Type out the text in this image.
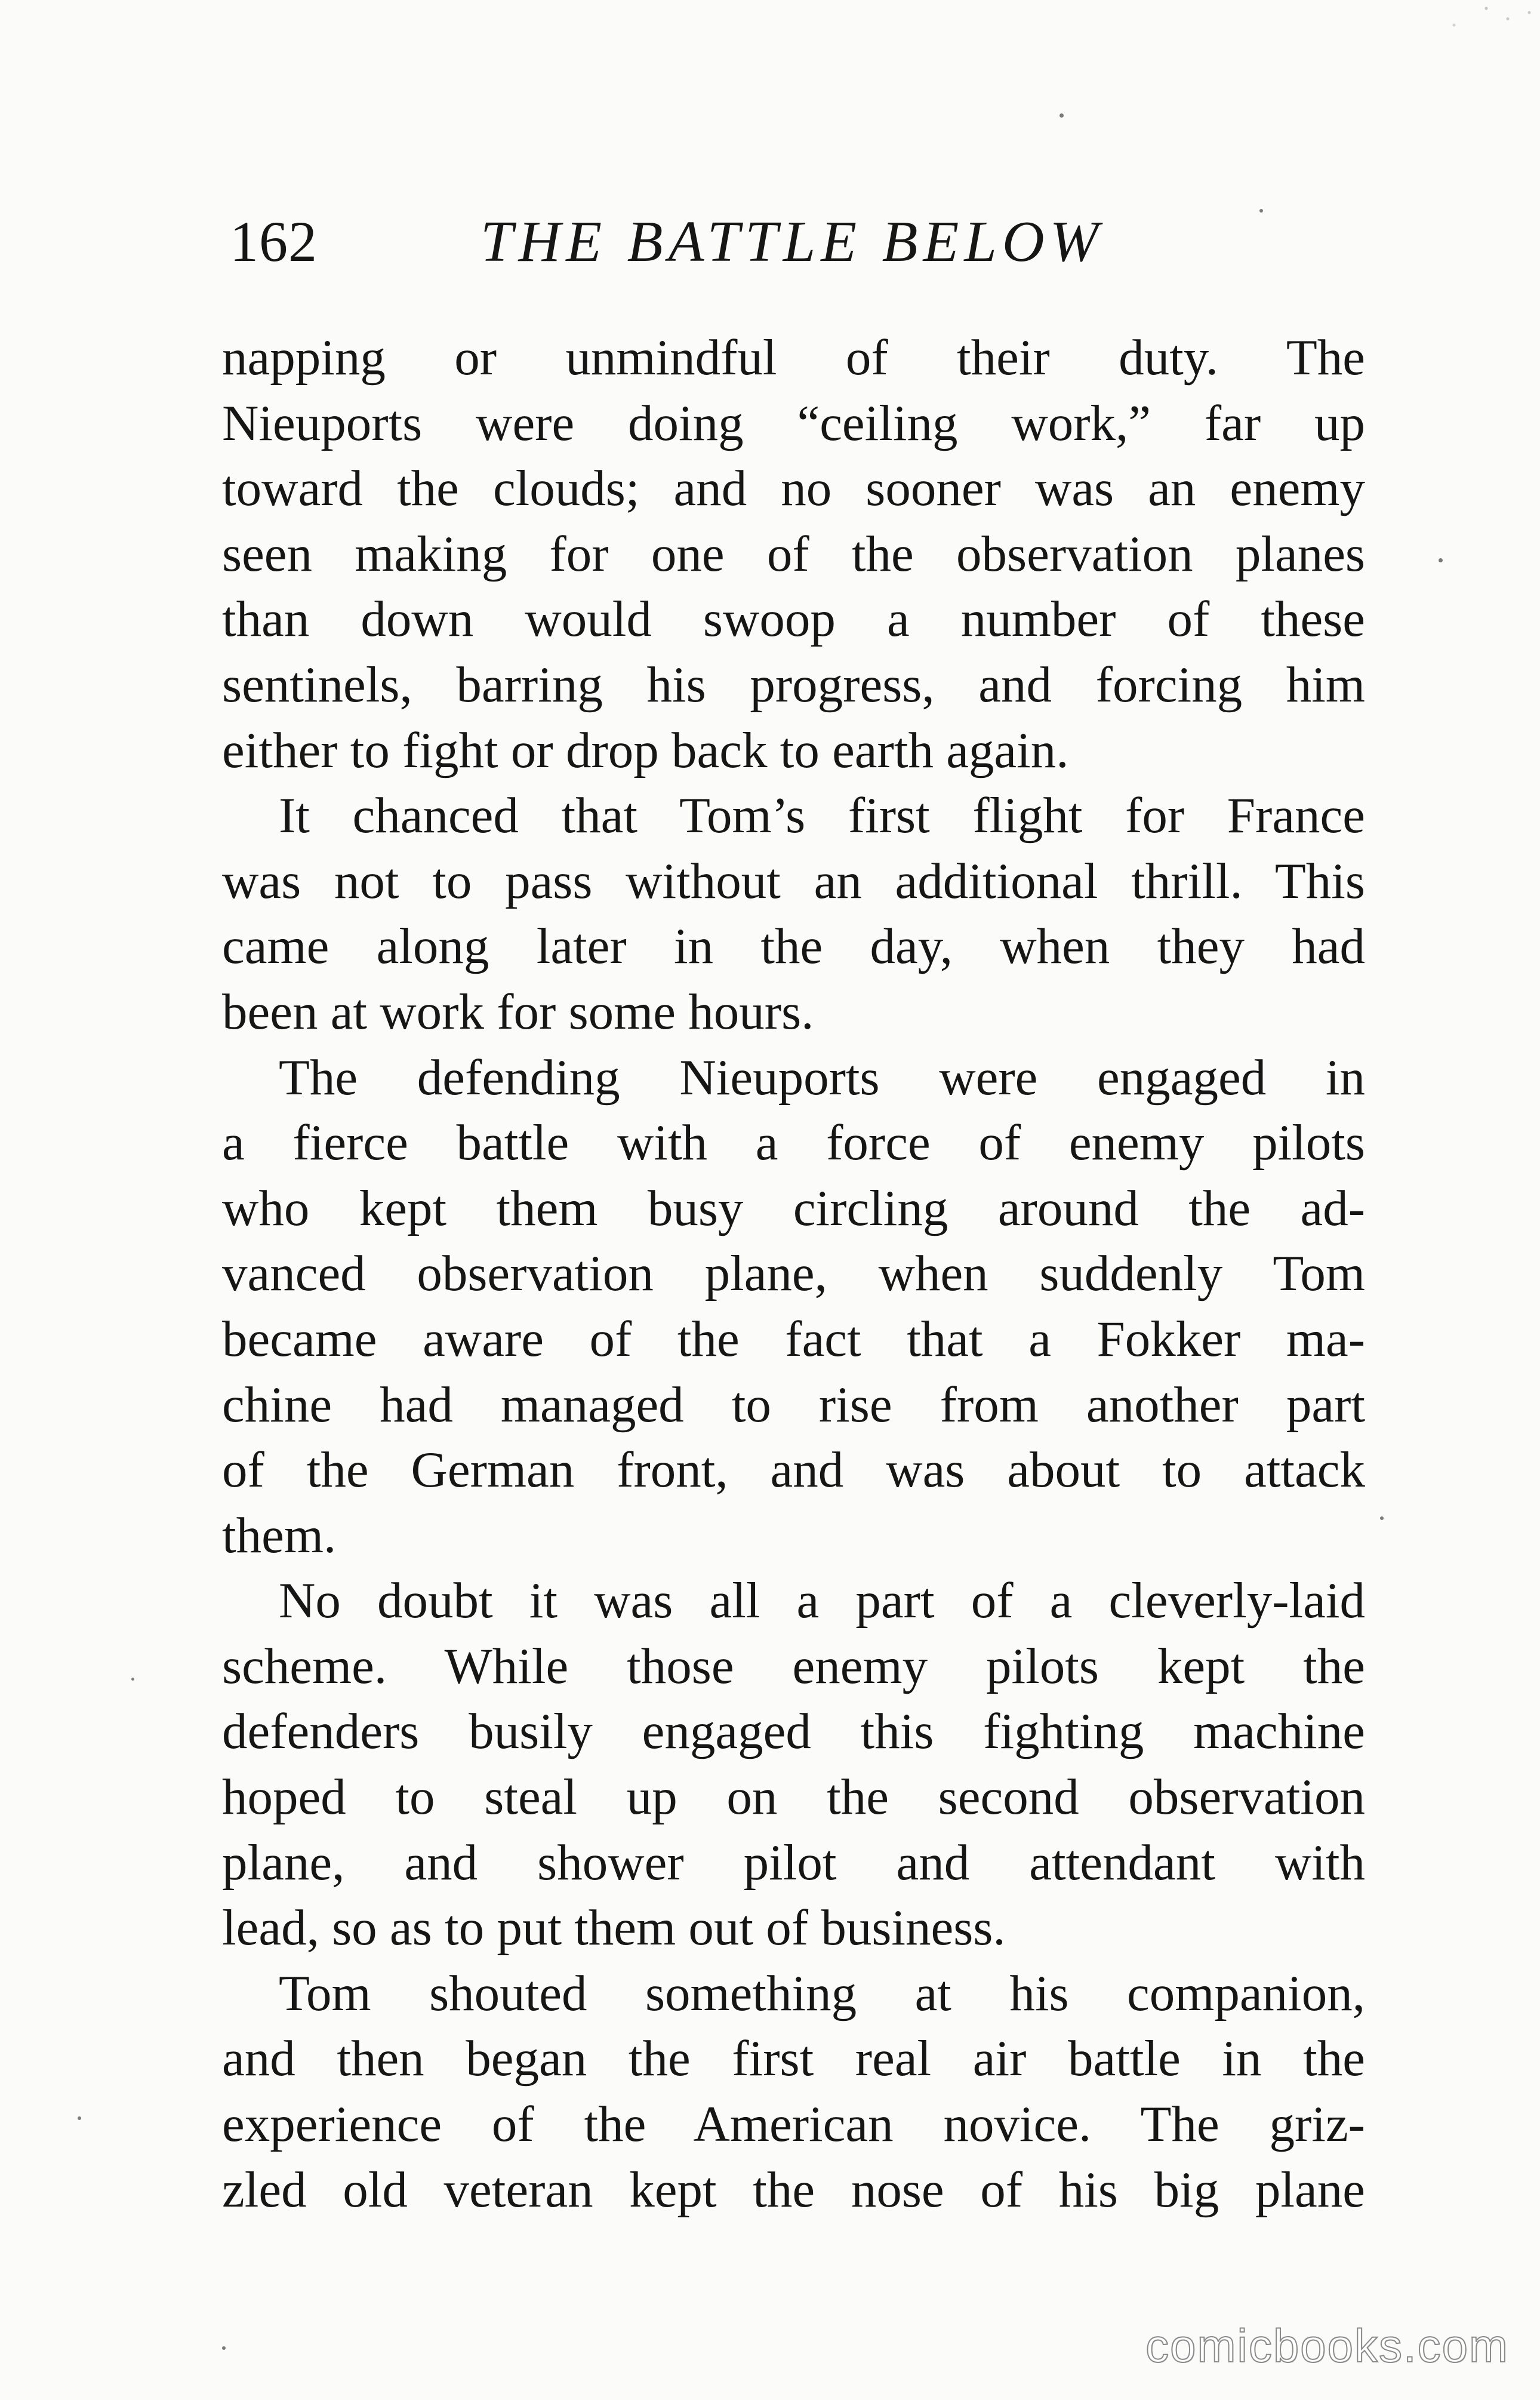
162	THE BATTLE BELOW
napping or unmindful of their duty. The
Nieuports were doing “ceiling work,” far up
toward the clouds; and no sooner was an enemy
seen making for one of the observation planes
than down would swoop a number of these
sentinels, barring his progress, and forcing him
either to fight or drop back to earth again.
It chanced that Tom’s first flight for France
was not to pass without an additional thrill. This
came along later in the day, when they had
been at work for some hours.
The defending Nieuports were engaged in
a fierce battle with a force of enemy pilots
who kept them busy circling around the ad-
vanced observation plane, when suddenly Tom
became aware of the fact that a Fokker ma-
chine had managed to rise from another part
of the German front, and was about to attack
them.
No doubt it was all a part of a cleverly-laid
scheme. While those enemy pilots kept the
defenders busily engaged this fighting machine
hoped to steal up on the second observation
plane, and shower pilot and attendant with
lead, so as to put them out of business.
Tom shouted something at his companion,
and then began the first real air battle in the
experience of the American novice. The griz-
zled old veteran kept the nose of his big plane
comicbooks.com
